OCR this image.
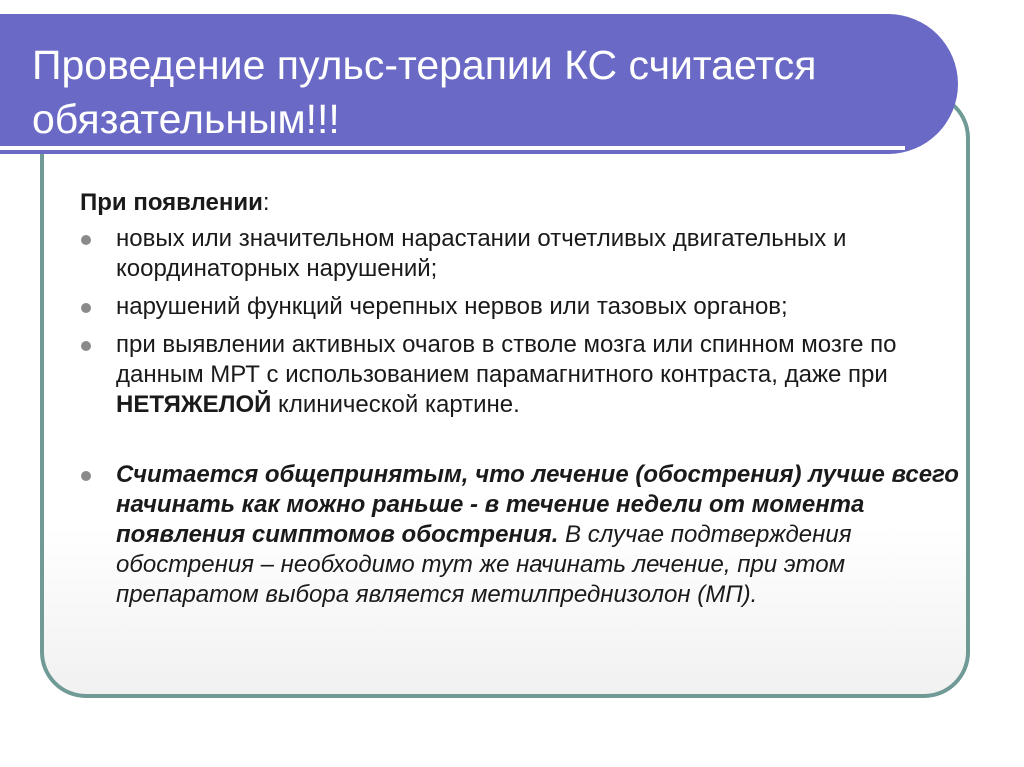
Проведение пульс-терапии КС считается обязательным!!!

При появлении:

новых или значительном нарастании отчетливых двигательных и координаторных нарушений;
нарушений функций черепных нервов или тазовых органов;
при выявлении активных очагов в стволе мозга или спинном мозге по данным МРТ с использованием парамагнитного контраста, даже при НЕТЯЖЕЛОЙ клинической картине.
Считается общепринятым, что лечение (обострения) лучше всего начинать как можно раньше - в течение недели от момента появления симптомов обострения. В случае подтверждения обострения – необходимо тут же начинать лечение, при этом препаратом выбора является метилпреднизолон (МП).
